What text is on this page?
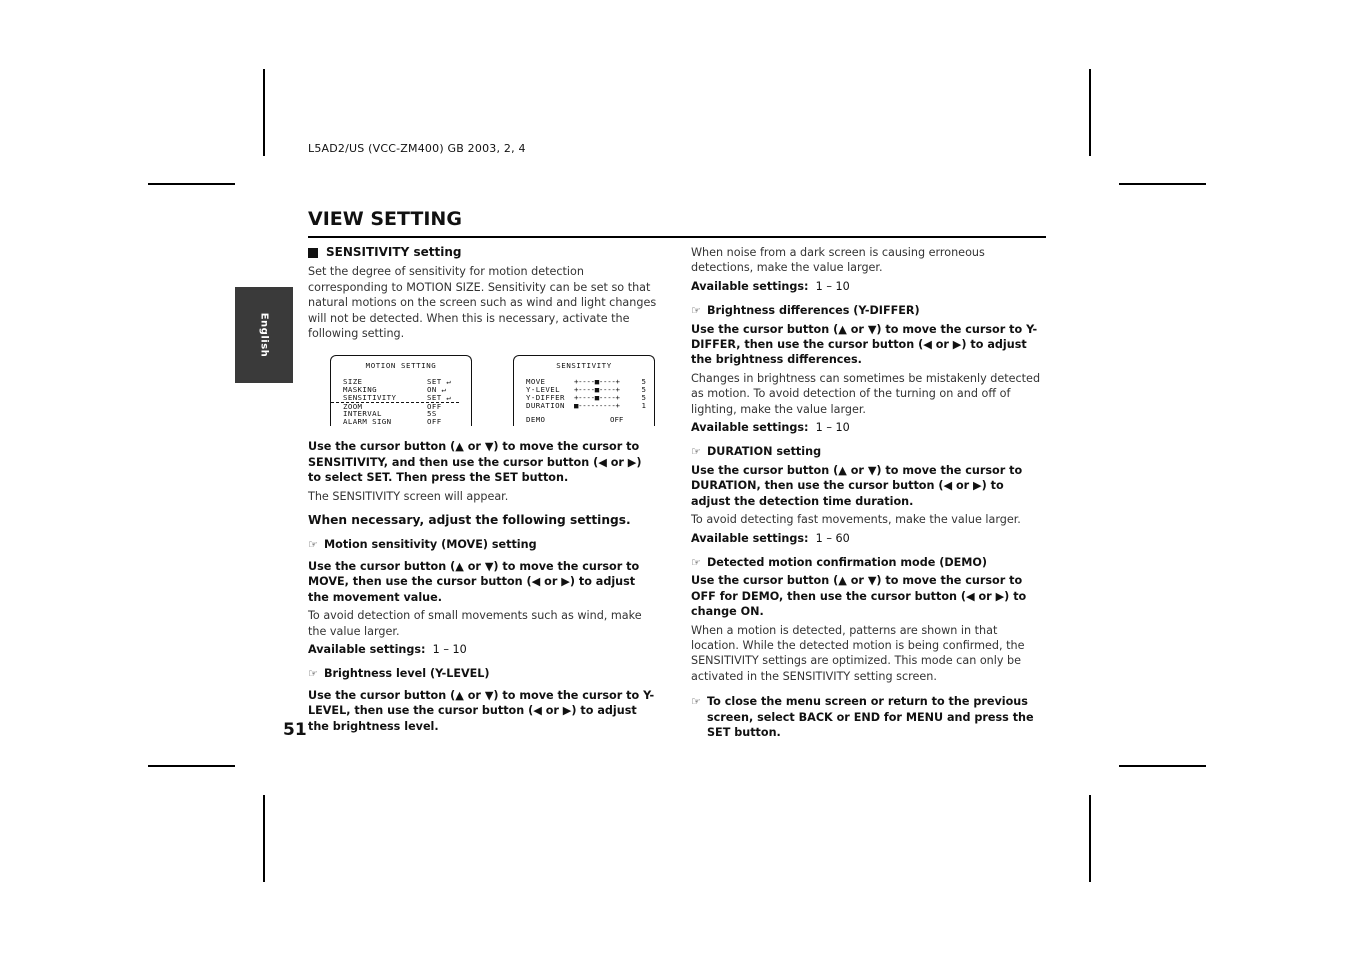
L5AD2/US (VCC-ZM400) GB 2003, 2, 4
VIEW SETTING
English
51
SENSITIVITY setting

Set the degree of sensitivity for motion detection corresponding to MOTION SIZE. Sensitivity can be set so that natural motions on the screen such as wind and light changes will not be detected. When this is necessary, activate the following setting.

MOTION SETTING
SIZE	SET ↵
MASKING	ON ↵
SENSITIVITY	SET ↵
ZOOM	OFF
INTERVAL	5S
ALARM SIGN	OFF
SENSITIVITY
MOVE	+----■----+	5
Y-LEVEL	+----■----+	5
Y-DIFFER	+----■----+	5
DURATION	■---------+	1
DEMO	OFF

Use the cursor button (▲ or ▼) to move the cursor to SENSITIVITY, and then use the cursor button (◀ or ▶) to select SET. Then press the SET button.

The SENSITIVITY screen will appear.

When necessary, adjust the following settings.

☞ Motion sensitivity (MOVE) setting

Use the cursor button (▲ or ▼) to move the cursor to MOVE, then use the cursor button (◀ or ▶) to adjust the movement value.

To avoid detection of small movements such as wind, make the value larger.

Available settings: 1 – 10

☞ Brightness level (Y-LEVEL)

Use the cursor button (▲ or ▼) to move the cursor to Y-LEVEL, then use the cursor button (◀ or ▶) to adjust the brightness level.

When noise from a dark screen is causing erroneous detections, make the value larger.

Available settings: 1 – 10

☞ Brightness differences (Y-DIFFER)

Use the cursor button (▲ or ▼) to move the cursor to Y-DIFFER, then use the cursor button (◀ or ▶) to adjust the brightness differences.

Changes in brightness can sometimes be mistakenly detected as motion. To avoid detection of the turning on and off of lighting, make the value larger.

Available settings: 1 – 10

☞ DURATION setting

Use the cursor button (▲ or ▼) to move the cursor to DURATION, then use the cursor button (◀ or ▶) to adjust the detection time duration.

To avoid detecting fast movements, make the value larger.

Available settings: 1 – 60

☞ Detected motion confirmation mode (DEMO)

Use the cursor button (▲ or ▼) to move the cursor to OFF for DEMO, then use the cursor button (◀ or ▶) to change ON.

When a motion is detected, patterns are shown in that location. While the detected motion is being confirmed, the SENSITIVITY settings are optimized. This mode can only be activated in the SENSITIVITY setting screen.

☞ To close the menu screen or return to the previous screen, select BACK or END for MENU and press the SET button.
